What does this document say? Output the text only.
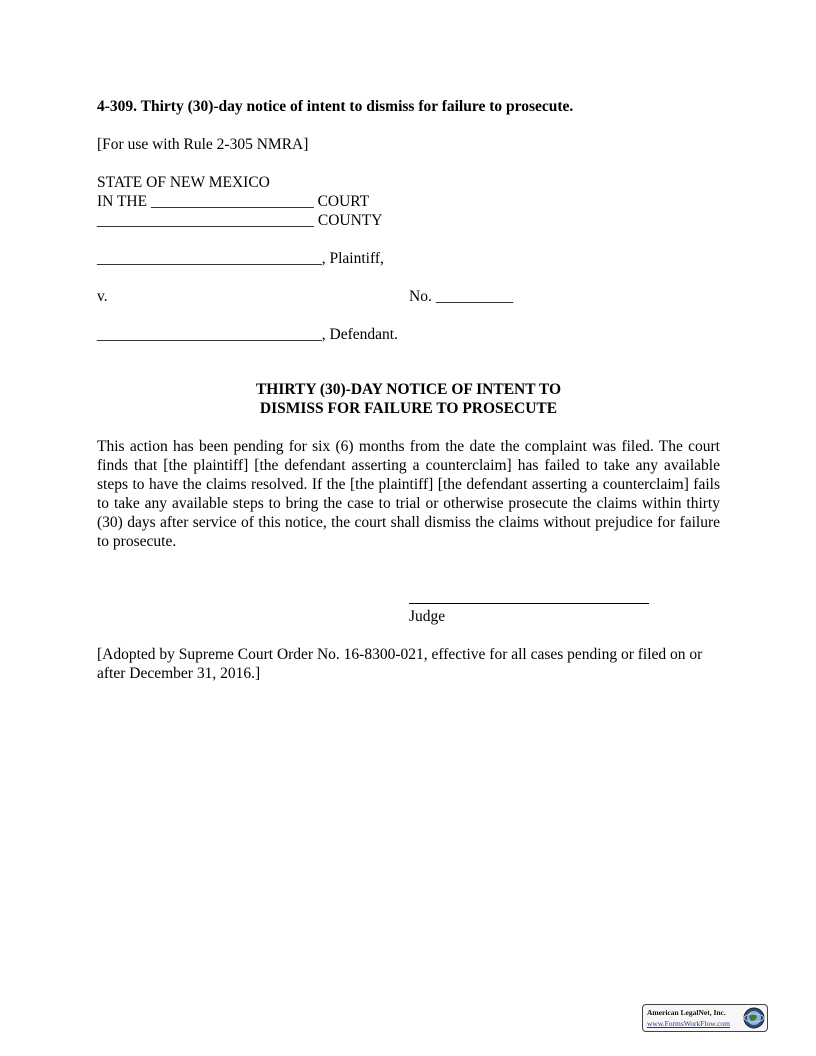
4-309. Thirty (30)-day notice of intent to dismiss for failure to prosecute.
[For use with Rule 2-305 NMRA]
STATE OF NEW MEXICO
IN THE _____________________ COURT
____________________________ COUNTY
_____________________________, Plaintiff,
v.	No. __________
_____________________________, Defendant.
THIRTY (30)-DAY NOTICE OF INTENT TO
DISMISS FOR FAILURE TO PROSECUTE
This action has been pending for six (6) months from the date the complaint was filed. The court finds that [the plaintiff] [the defendant asserting a counterclaim] has failed to take any available steps to have the claims resolved. If the [the plaintiff] [the defendant asserting a counterclaim] fails to take any available steps to bring the case to trial or otherwise prosecute the claims within thirty (30) days after service of this notice, the court shall dismiss the claims without prejudice for failure to prosecute.
Judge
[Adopted by Supreme Court Order No. 16-8300-021, effective for all cases pending or filed on or after December 31, 2016.]
American LegalNet, Inc.
www.FormsWorkFlow.com
